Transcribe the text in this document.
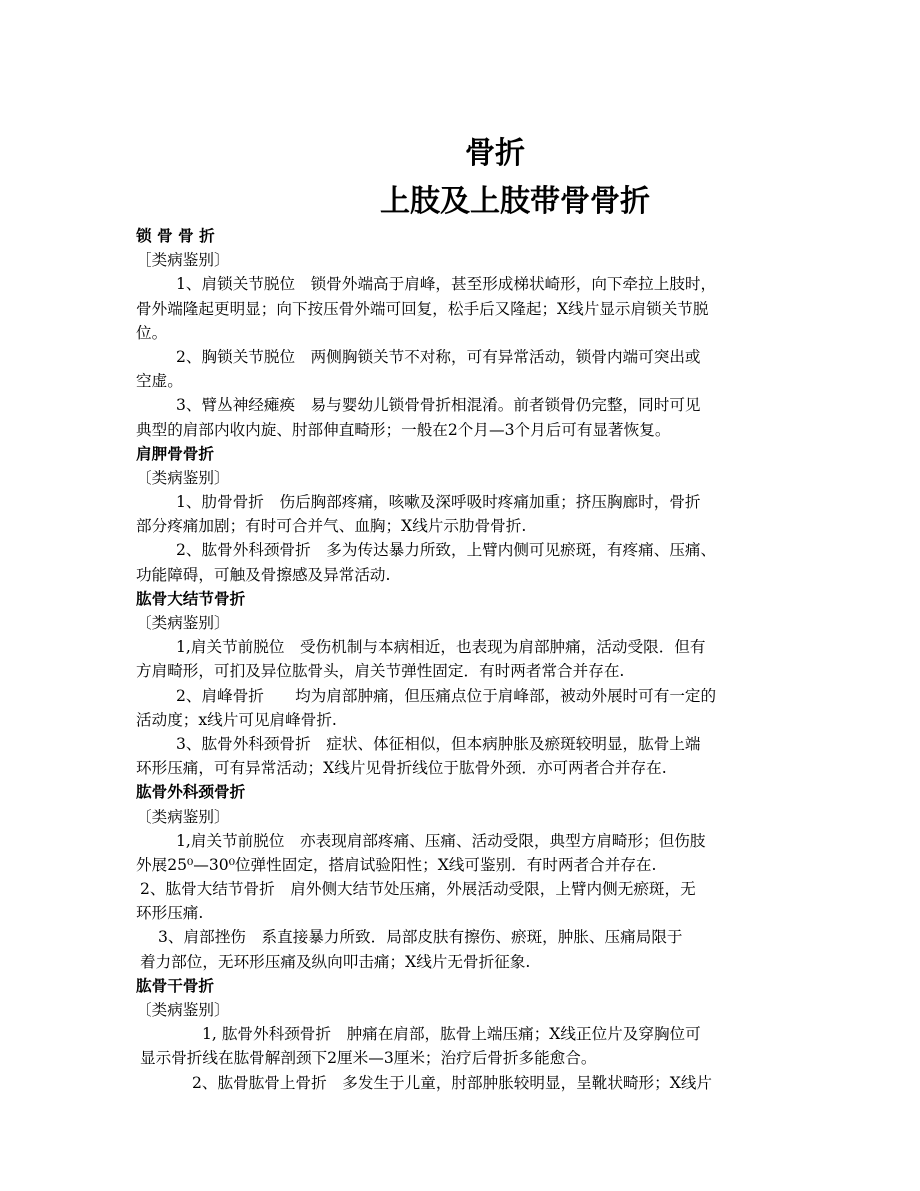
骨折
上肢及上肢带骨骨折
锁 骨 骨 折
［类病鉴别〕
1、肩锁关节脱位　锁骨外端高于肩峰，甚至形成梯状崎形，向下牵拉上肢时，
骨外端隆起更明显；向下按压骨外端可回复，松手后又隆起；X线片显示肩锁关节脱
位。
2、胸锁关节脱位　两侧胸锁关节不对称，可有异常活动，锁骨内端可突出或
空虚。
3、臂丛神经瘫痪　易与婴幼儿锁骨骨折相混淆。前者锁骨仍完整，同时可见
典型的肩部内收内旋、肘部伸直畸形；一般在2个月—3个月后可有显著恢复。
肩胛骨骨折
〔类病鉴别〕
1、肋骨骨折　伤后胸部疼痛，咳嗽及深呼吸时疼痛加重；挤压胸廊时，骨折
部分疼痛加剧；有时可合并气、血胸；X线片示肋骨骨折.
2、肱骨外科颈骨折　多为传达暴力所致，上臂内侧可见瘀斑，有疼痛、压痛、
功能障碍，可触及骨擦感及异常活动.
肱骨大结节骨折
〔类病鉴别〕
1,肩关节前脱位　受伤机制与本病相近，也表现为肩部肿痛，活动受限．但有
方肩畸形，可扪及异位肱骨头，肩关节弹性固定．有时两者常合并存在.
2、肩峰骨折　　均为肩部肿痛，但压痛点位于肩峰部，被动外展时可有一定的
活动度；x线片可见肩峰骨折.
3、肱骨外科颈骨折　症状、体征相似，但本病肿胀及瘀斑较明显，肱骨上端
环形压痛，可有异常活动；X线片见骨折线位于肱骨外颈．亦可两者合并存在.
肱骨外科颈骨折
〔类病鉴别〕
1,肩关节前脱位　亦表现肩部疼痛、压痛、活动受限，典型方肩畸形；但伤肢
外展25⁰—30⁰位弹性固定，搭肩试验阳性；X线可鉴别．有时两者合并存在.
2、肱骨大结节骨折　肩外侧大结节处压痛，外展活动受限，上臂内侧无瘀斑，无
环形压痛.
3、肩部挫伤　系直接暴力所致．局部皮肤有擦伤、瘀斑，肿胀、压痛局限于
着力部位，无环形压痛及纵向叩击痛；X线片无骨折征象.
肱骨干骨折
〔类病鉴别〕
1, 肱骨外科颈骨折　肿痛在肩部，肱骨上端压痛；X线正位片及穿胸位可
显示骨折线在肱骨解剖颈下2厘米—3厘米；治疗后骨折多能愈合。
2、肱骨肱骨上骨折　多发生于儿童，肘部肿胀较明显，呈靴状畸形；X线片
